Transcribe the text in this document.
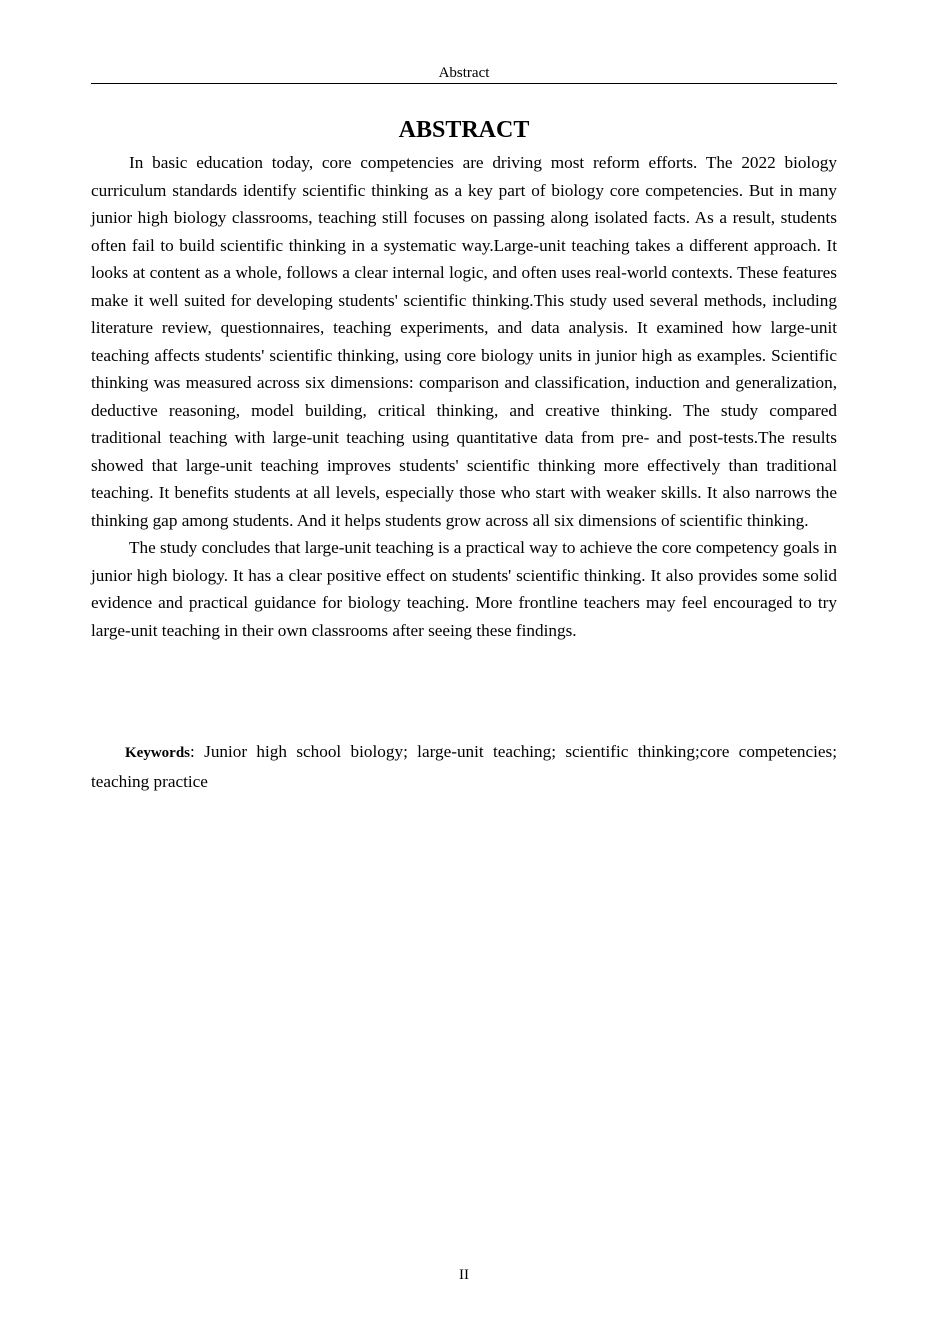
Abstract
ABSTRACT

In basic education today, core competencies are driving most reform efforts. The 2022 biology curriculum standards identify scientific thinking as a key part of biology core competencies. But in many junior high biology classrooms, teaching still focuses on passing along isolated facts. As a result, students often fail to build scientific thinking in a systematic way.Large-unit teaching takes a different approach. It looks at content as a whole, follows a clear internal logic, and often uses real-world contexts. These features make it well suited for developing students' scientific thinking.This study used several methods, including literature review, questionnaires, teaching experiments, and data analysis. It examined how large-unit teaching affects students' scientific thinking, using core biology units in junior high as examples. Scientific thinking was measured across six dimensions: comparison and classification, induction and generalization, deductive reasoning, model building, critical thinking, and creative thinking. The study compared traditional teaching with large-unit teaching using quantitative data from pre- and post-tests.The results showed that large-unit teaching improves students' scientific thinking more effectively than traditional teaching. It benefits students at all levels, especially those who start with weaker skills. It also narrows the thinking gap among students. And it helps students grow across all six dimensions of scientific thinking.

The study concludes that large-unit teaching is a practical way to achieve the core competency goals in junior high biology. It has a clear positive effect on students' scientific thinking. It also provides some solid evidence and practical guidance for biology teaching. More frontline teachers may feel encouraged to try large-unit teaching in their own classrooms after seeing these findings.

Keywords: Junior high school biology; large-unit teaching; scientific thinking;core competencies; teaching practice

II
